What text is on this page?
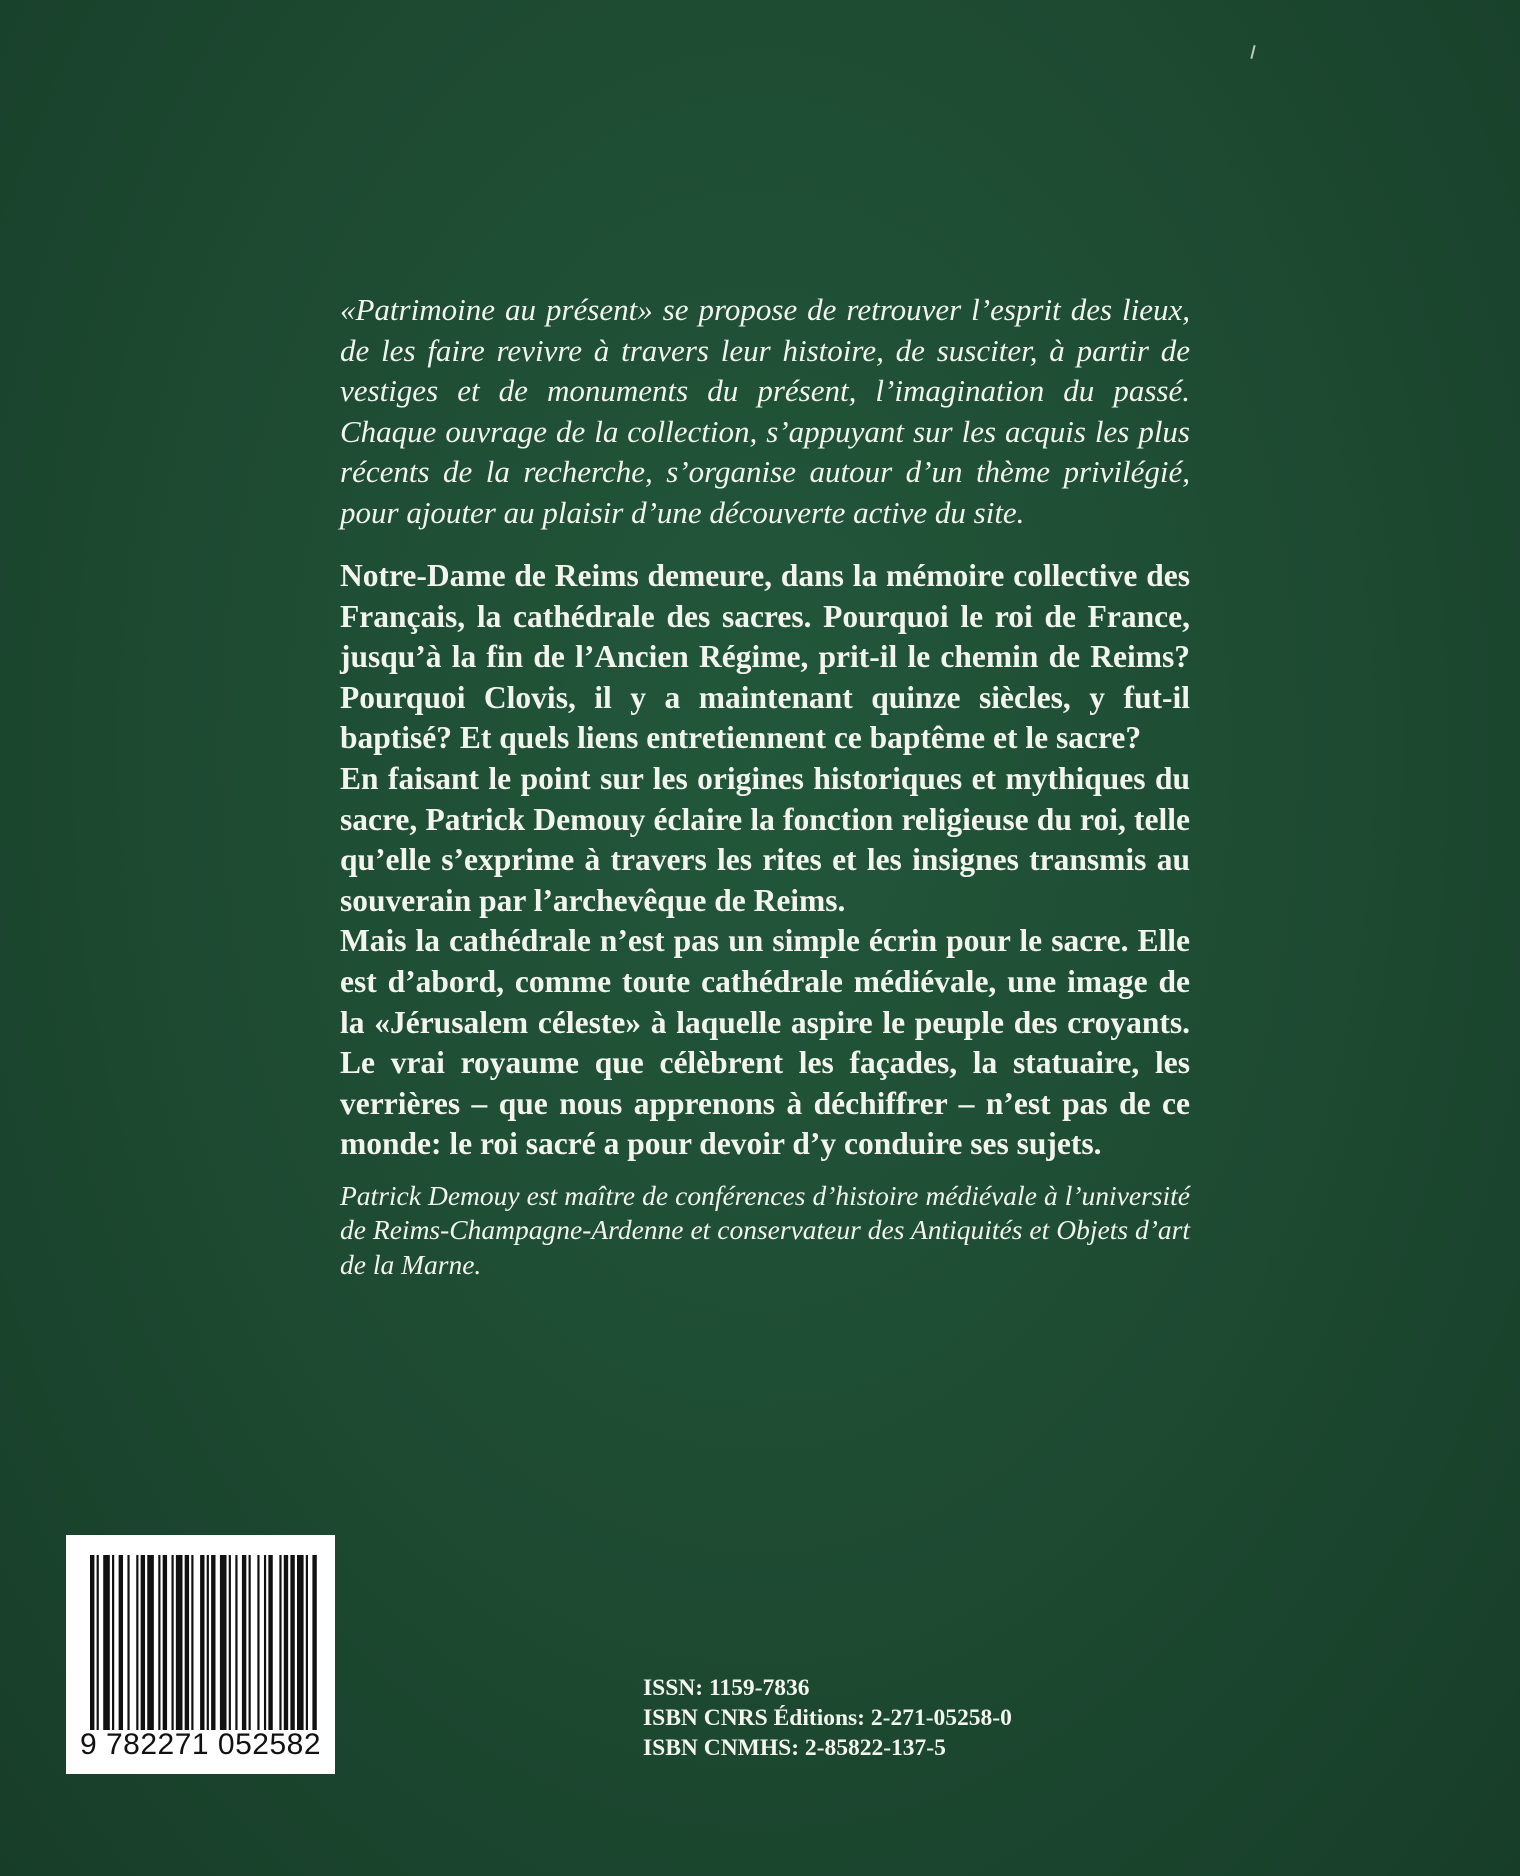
«Patrimoine au présent» se propose de retrouver l’esprit des lieux, de les faire revivre à travers leur histoire, de susciter, à partir de vestiges et de monuments du présent, l’imagination du passé. Chaque ouvrage de la collection, s’appuyant sur les acquis les plus récents de la recherche, s’organise autour d’un thème privilégié, pour ajouter au plaisir d’une découverte active du site.

Notre-Dame de Reims demeure, dans la mémoire collective des Français, la cathédrale des sacres. Pourquoi le roi de France, jusqu’à la fin de l’Ancien Régime, prit-il le chemin de Reims? Pourquoi Clovis, il y a maintenant quinze siècles, y fut-il baptisé? Et quels liens entretiennent ce baptême et le sacre?

En faisant le point sur les origines historiques et mythiques du sacre, Patrick Demouy éclaire la fonction religieuse du roi, telle qu’elle s’exprime à travers les rites et les insignes transmis au souverain par l’archevêque de Reims.

Mais la cathédrale n’est pas un simple écrin pour le sacre. Elle est d’abord, comme toute cathédrale médiévale, une image de la «Jérusalem céleste» à laquelle aspire le peuple des croyants. Le vrai royaume que célèbrent les façades, la statuaire, les verrières – que nous apprenons à déchiffrer – n’est pas de ce monde: le roi sacré a pour devoir d’y conduire ses sujets.

Patrick Demouy est maître de conférences d’histoire médiévale à l’université de Reims-Champagne-Ardenne et conservateur des Antiquités et Objets d’art de la Marne.

9 782271 052582
ISSN: 1159-7836
ISBN CNRS Éditions: 2-271-05258-0
ISBN CNMHS: 2-85822-137-5
